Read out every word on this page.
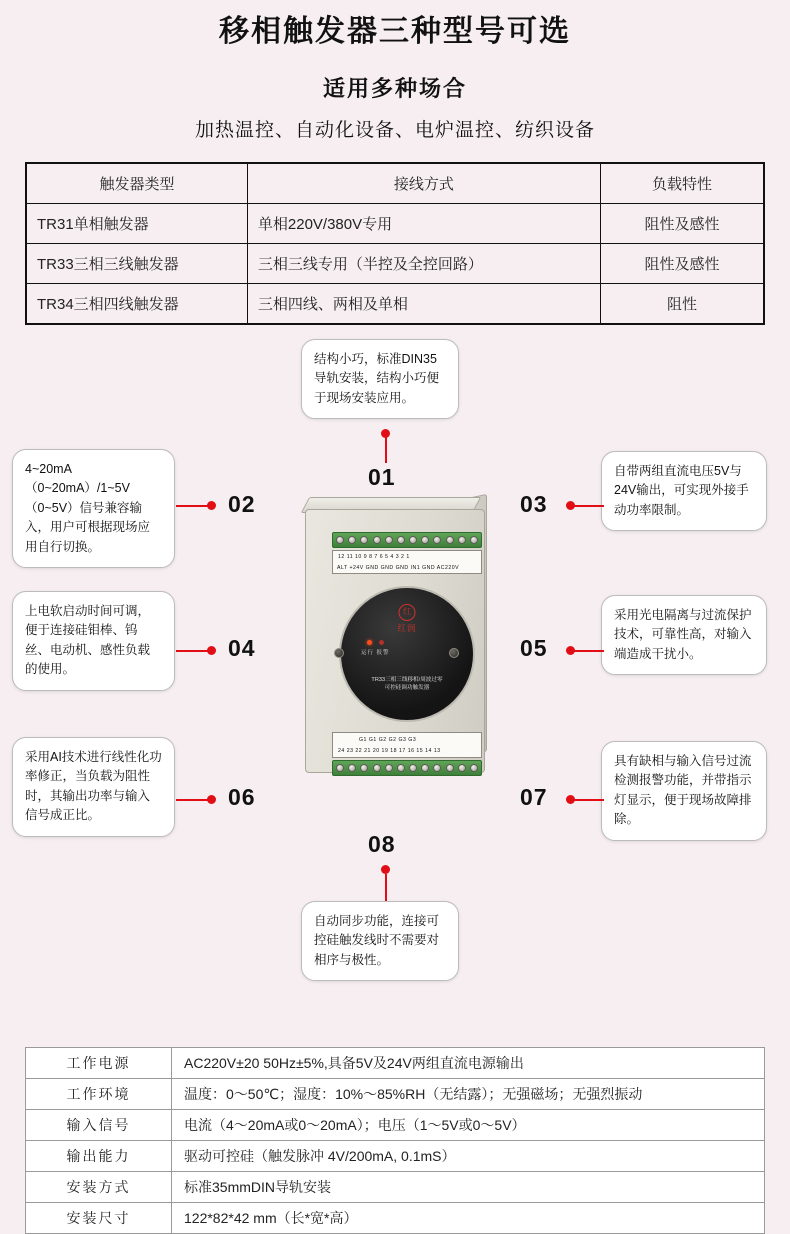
移相触发器三种型号可选
适用多种场合
加热温控、自动化设备、电炉温控、纺织设备
触发器类型	接线方式	负载特性
TR31单相触发器	单相220V/380V专用	阻性及感性
TR33三相三线触发器	三相三线专用（半控及全控回路）	阻性及感性
TR34三相四线触发器	三相四线、两相及单相	阻性
12 11 10 9 8 7 6 5 4 3 2 1
ALT +24V GND GND GND IN1 GND AC220V
红
红润
运行 报警
TR33三相三线移相/周波过零
可控硅调功触发器
G1 G1 G2 G2 G3 G3
24 23 22 21 20 19 18 17 16 15 14 13

结构小巧，标准DIN35导轨安装，结构小巧便于现场安装应用。

01

4~20mA（0~20mA）/1~5V（0~5V）信号兼容输入，用户可根据现场应用自行切换。

02

自带两组直流电压5V与24V输出，可实现外接手动功率限制。

03

上电软启动时间可调，便于连接硅钼棒、钨丝、电动机、感性负载的使用。

04

采用光电隔离与过流保护技术，可靠性高，对输入端造成干扰小。

05

采用AI技术进行线性化功率修正，当负载为阻性时，其输出功率与输入信号成正比。

06

具有缺相与输入信号过流检测报警功能，并带指示灯显示，便于现场故障排除。

07
08

自动同步功能，连接可控硅触发线时不需要对相序与极性。

工作电源	AC220V±20 50Hz±5%,具备5V及24V两组直流电源输出
工作环境	温度：0～50℃；湿度：10%～85%RH（无结露）；无强磁场；无强烈振动
输入信号	电流（4～20mA或0～20mA）；电压（1～5V或0～5V）
输出能力	驱动可控硅（触发脉冲 4V/200mA, 0.1mS）
安装方式	标准35mmDIN导轨安装
安装尺寸	122*82*42 mm（长*宽*高）
